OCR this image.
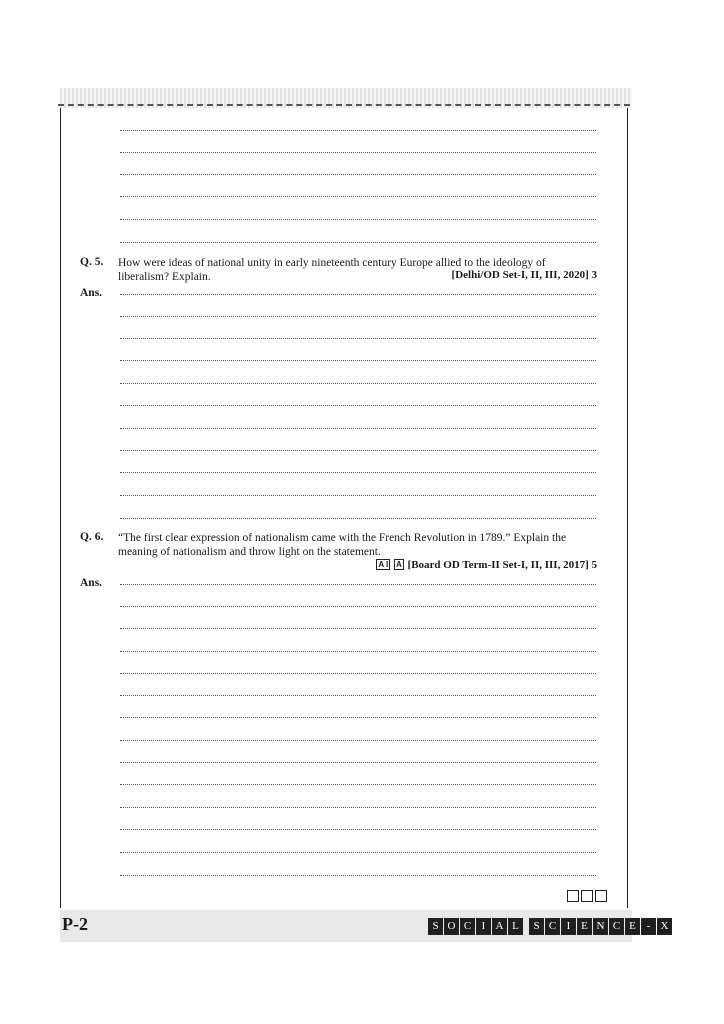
Q. 5. How were ideas of national unity in early nineteenth century Europe allied to the ideology of
liberalism? Explain.	[Delhi/OD Set-I, II, III, 2020] 3
Ans.
Q. 6. “The first clear expression of nationalism came with the French Revolution in 1789.” Explain the
meaning of nationalism and throw light on the statement.
A I A [Board OD Term-II Set-I, II, III, 2017] 5
Ans.
P-2	S O C I A L	S C I E N C E - X
